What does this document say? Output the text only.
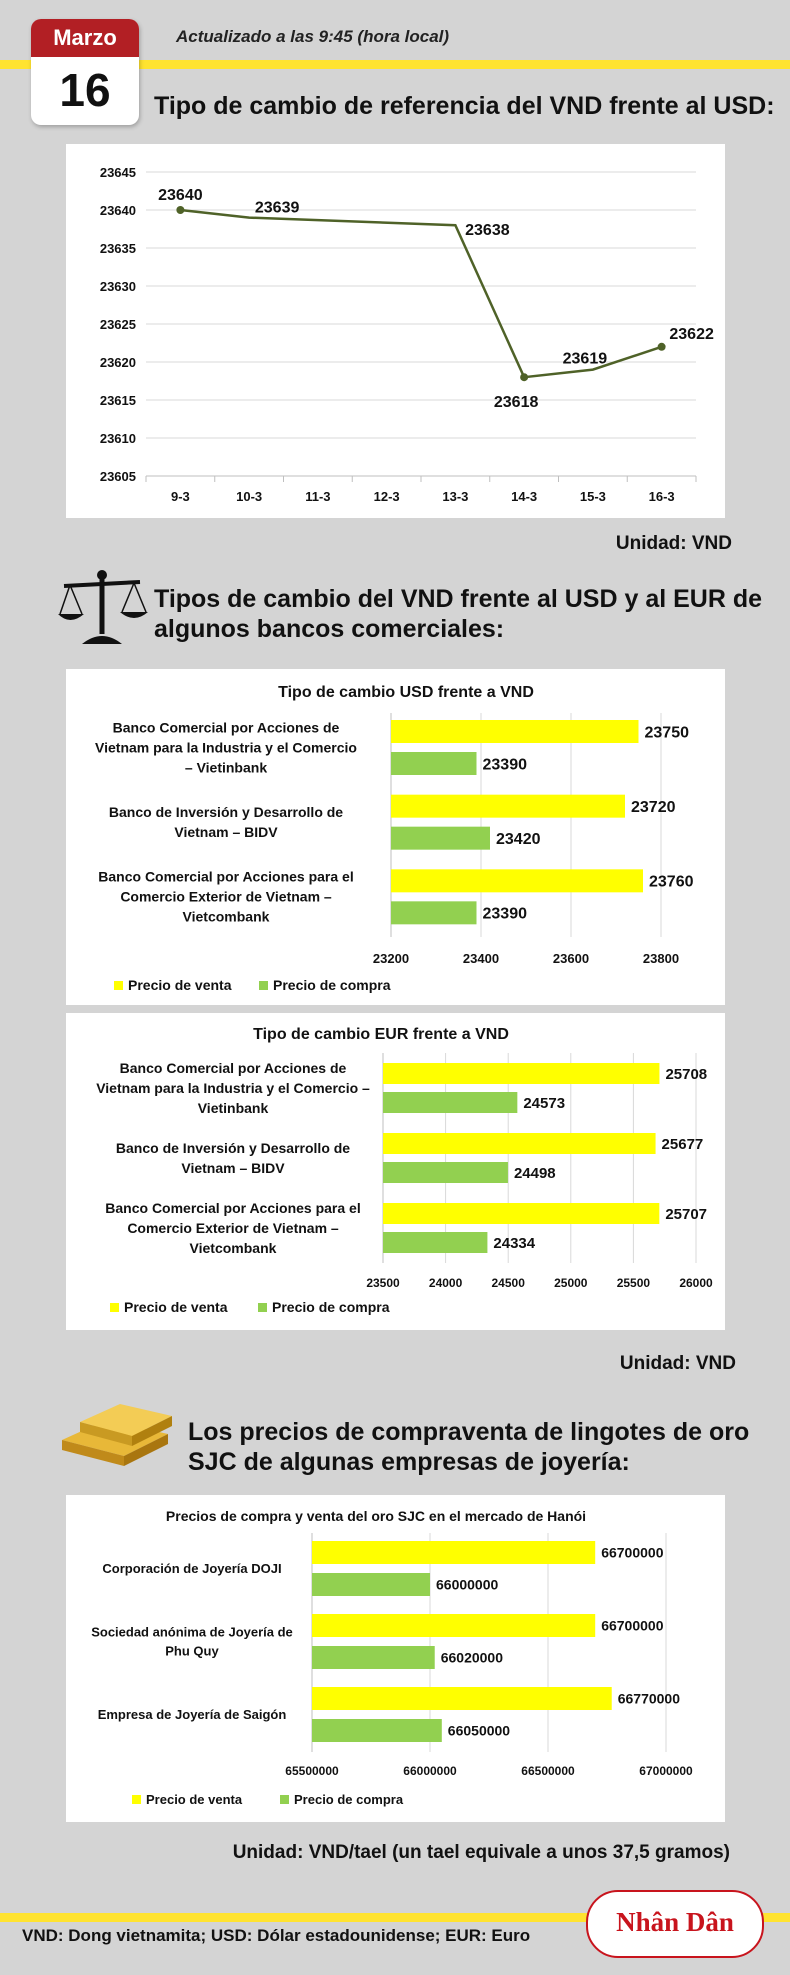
Marzo
16
Actualizado a las 9:45 (hora local)
Tipo de cambio de referencia del VND frente al USD:
23605
23610
23615
23620
23625
23630
23635
23640
23645
9-3	10-3	11-3	12-3	13-3	14-3	15-3	16-3
23640
23639
23638
23618
23619
23622
Unidad: VND
Tipos de cambio del VND frente al USD y al EUR de
algunos bancos comerciales:
Tipo de cambio USD frente a VND
23200	23400	23600	23800
Banco Comercial por Acciones de
Vietnam para la Industria y el Comercio
– Vietinbank
23750
23390
Banco de Inversión y Desarrollo de
Vietnam – BIDV
23720
23420
Banco Comercial por Acciones para el
Comercio Exterior de Vietnam –
Vietcombank
23760
23390
Precio de venta	Precio de compra
Tipo de cambio EUR frente a VND
23500 24000 24500 25000 25500 26000
Banco Comercial por Acciones de
Vietnam para la Industria y el Comercio –
Vietinbank
25708
24573
Banco de Inversión y Desarrollo de
Vietnam – BIDV
25677
24498
Banco Comercial por Acciones para el
Comercio Exterior de Vietnam –
Vietcombank
25707
24334
Precio de venta	Precio de compra
Unidad: VND
Los precios de compraventa de lingotes de oro
SJC de algunas empresas de joyería:
Precios de compra y venta del oro SJC en el mercado de Hanói
65500000	66000000	66500000	67000000
Corporación de Joyería DOJI
66700000
66000000
Sociedad anónima de Joyería de
Phu Quy
66700000
66020000
Empresa de Joyería de Saigón
66770000
66050000
Precio de venta	Precio de compra
Unidad: VND/tael (un tael equivale a unos 37,5 gramos)
VND: Dong vietnamita; USD: Dólar estadounidense; EUR: Euro	Nhân Dân
